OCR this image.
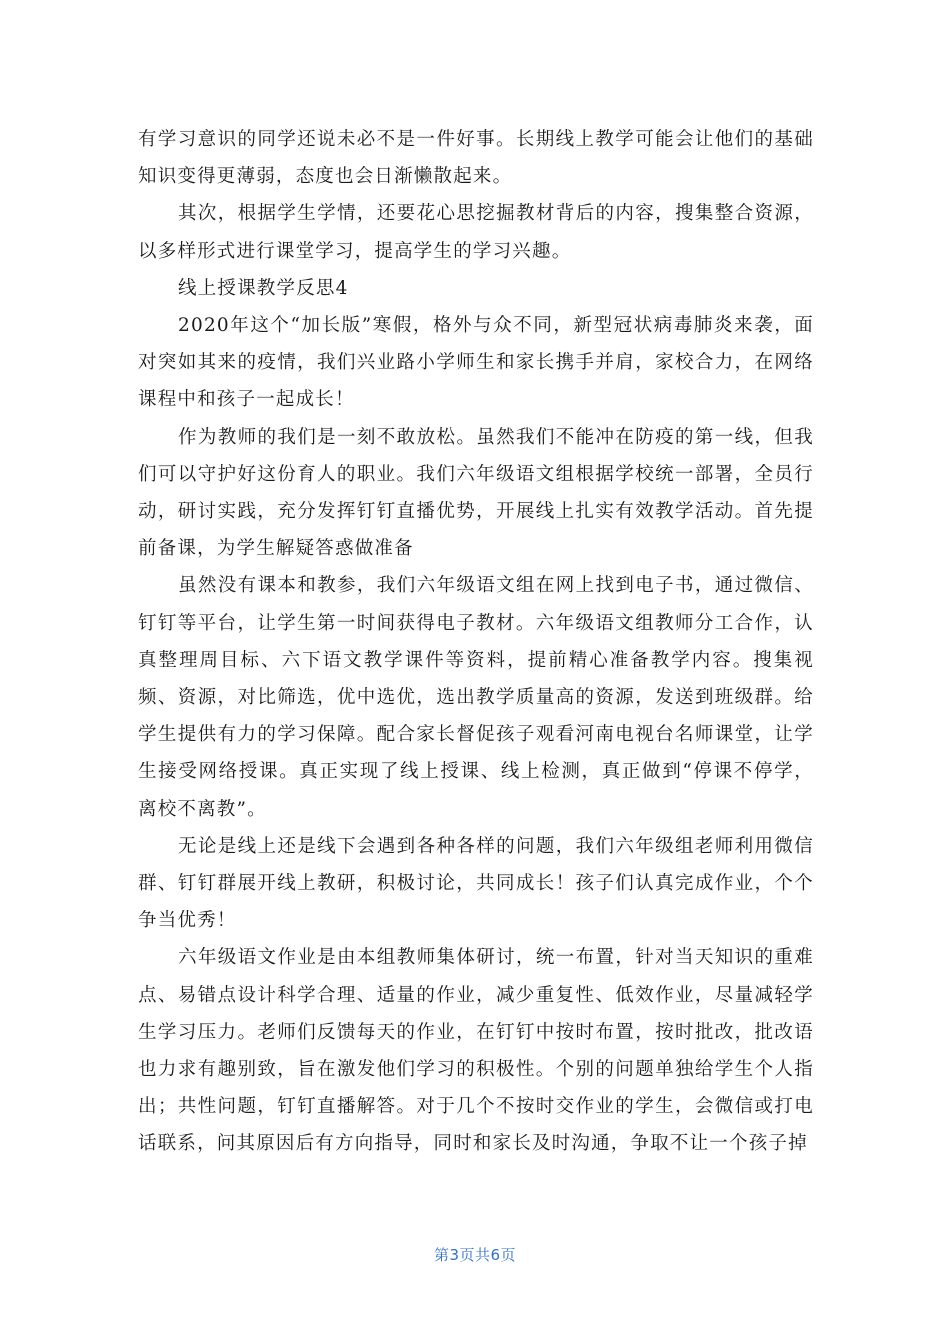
有学习意识的同学还说未必不是一件好事。长期线上教学可能会让他们的基础知识变得更薄弱，态度也会日渐懒散起来。

其次，根据学生学情，还要花心思挖掘教材背后的内容，搜集整合资源，以多样形式进行课堂学习，提高学生的学习兴趣。

线上授课教学反思4

2020年这个“加长版”寒假，格外与众不同，新型冠状病毒肺炎来袭，面对突如其来的疫情，我们兴业路小学师生和家长携手并肩，家校合力，在网络课程中和孩子一起成长！

作为教师的我们是一刻不敢放松。虽然我们不能冲在防疫的第一线，但我们可以守护好这份育人的职业。我们六年级语文组根据学校统一部署，全员行动，研讨实践，充分发挥钉钉直播优势，开展线上扎实有效教学活动。首先提前备课，为学生解疑答惑做准备

虽然没有课本和教参，我们六年级语文组在网上找到电子书，通过微信、钉钉等平台，让学生第一时间获得电子教材。六年级语文组教师分工合作，认真整理周目标、六下语文教学课件等资料，提前精心准备教学内容。搜集视频、资源，对比筛选，优中选优，选出教学质量高的资源，发送到班级群。给学生提供有力的学习保障。配合家长督促孩子观看河南电视台名师课堂，让学生接受网络授课。真正实现了线上授课、线上检测，真正做到“停课不停学，离校不离教”。

无论是线上还是线下会遇到各种各样的问题，我们六年级组老师利用微信群、钉钉群展开线上教研，积极讨论，共同成长！孩子们认真完成作业，个个争当优秀！

六年级语文作业是由本组教师集体研讨，统一布置，针对当天知识的重难点、易错点设计科学合理、适量的作业，减少重复性、低效作业，尽量减轻学生学习压力。老师们反馈每天的作业，在钉钉中按时布置，按时批改，批改语也力求有趣别致，旨在激发他们学习的积极性。个别的问题单独给学生个人指出；共性问题，钉钉直播解答。对于几个不按时交作业的学生，会微信或打电话联系，问其原因后有方向指导，同时和家长及时沟通，争取不让一个孩子掉

第3页共6页
